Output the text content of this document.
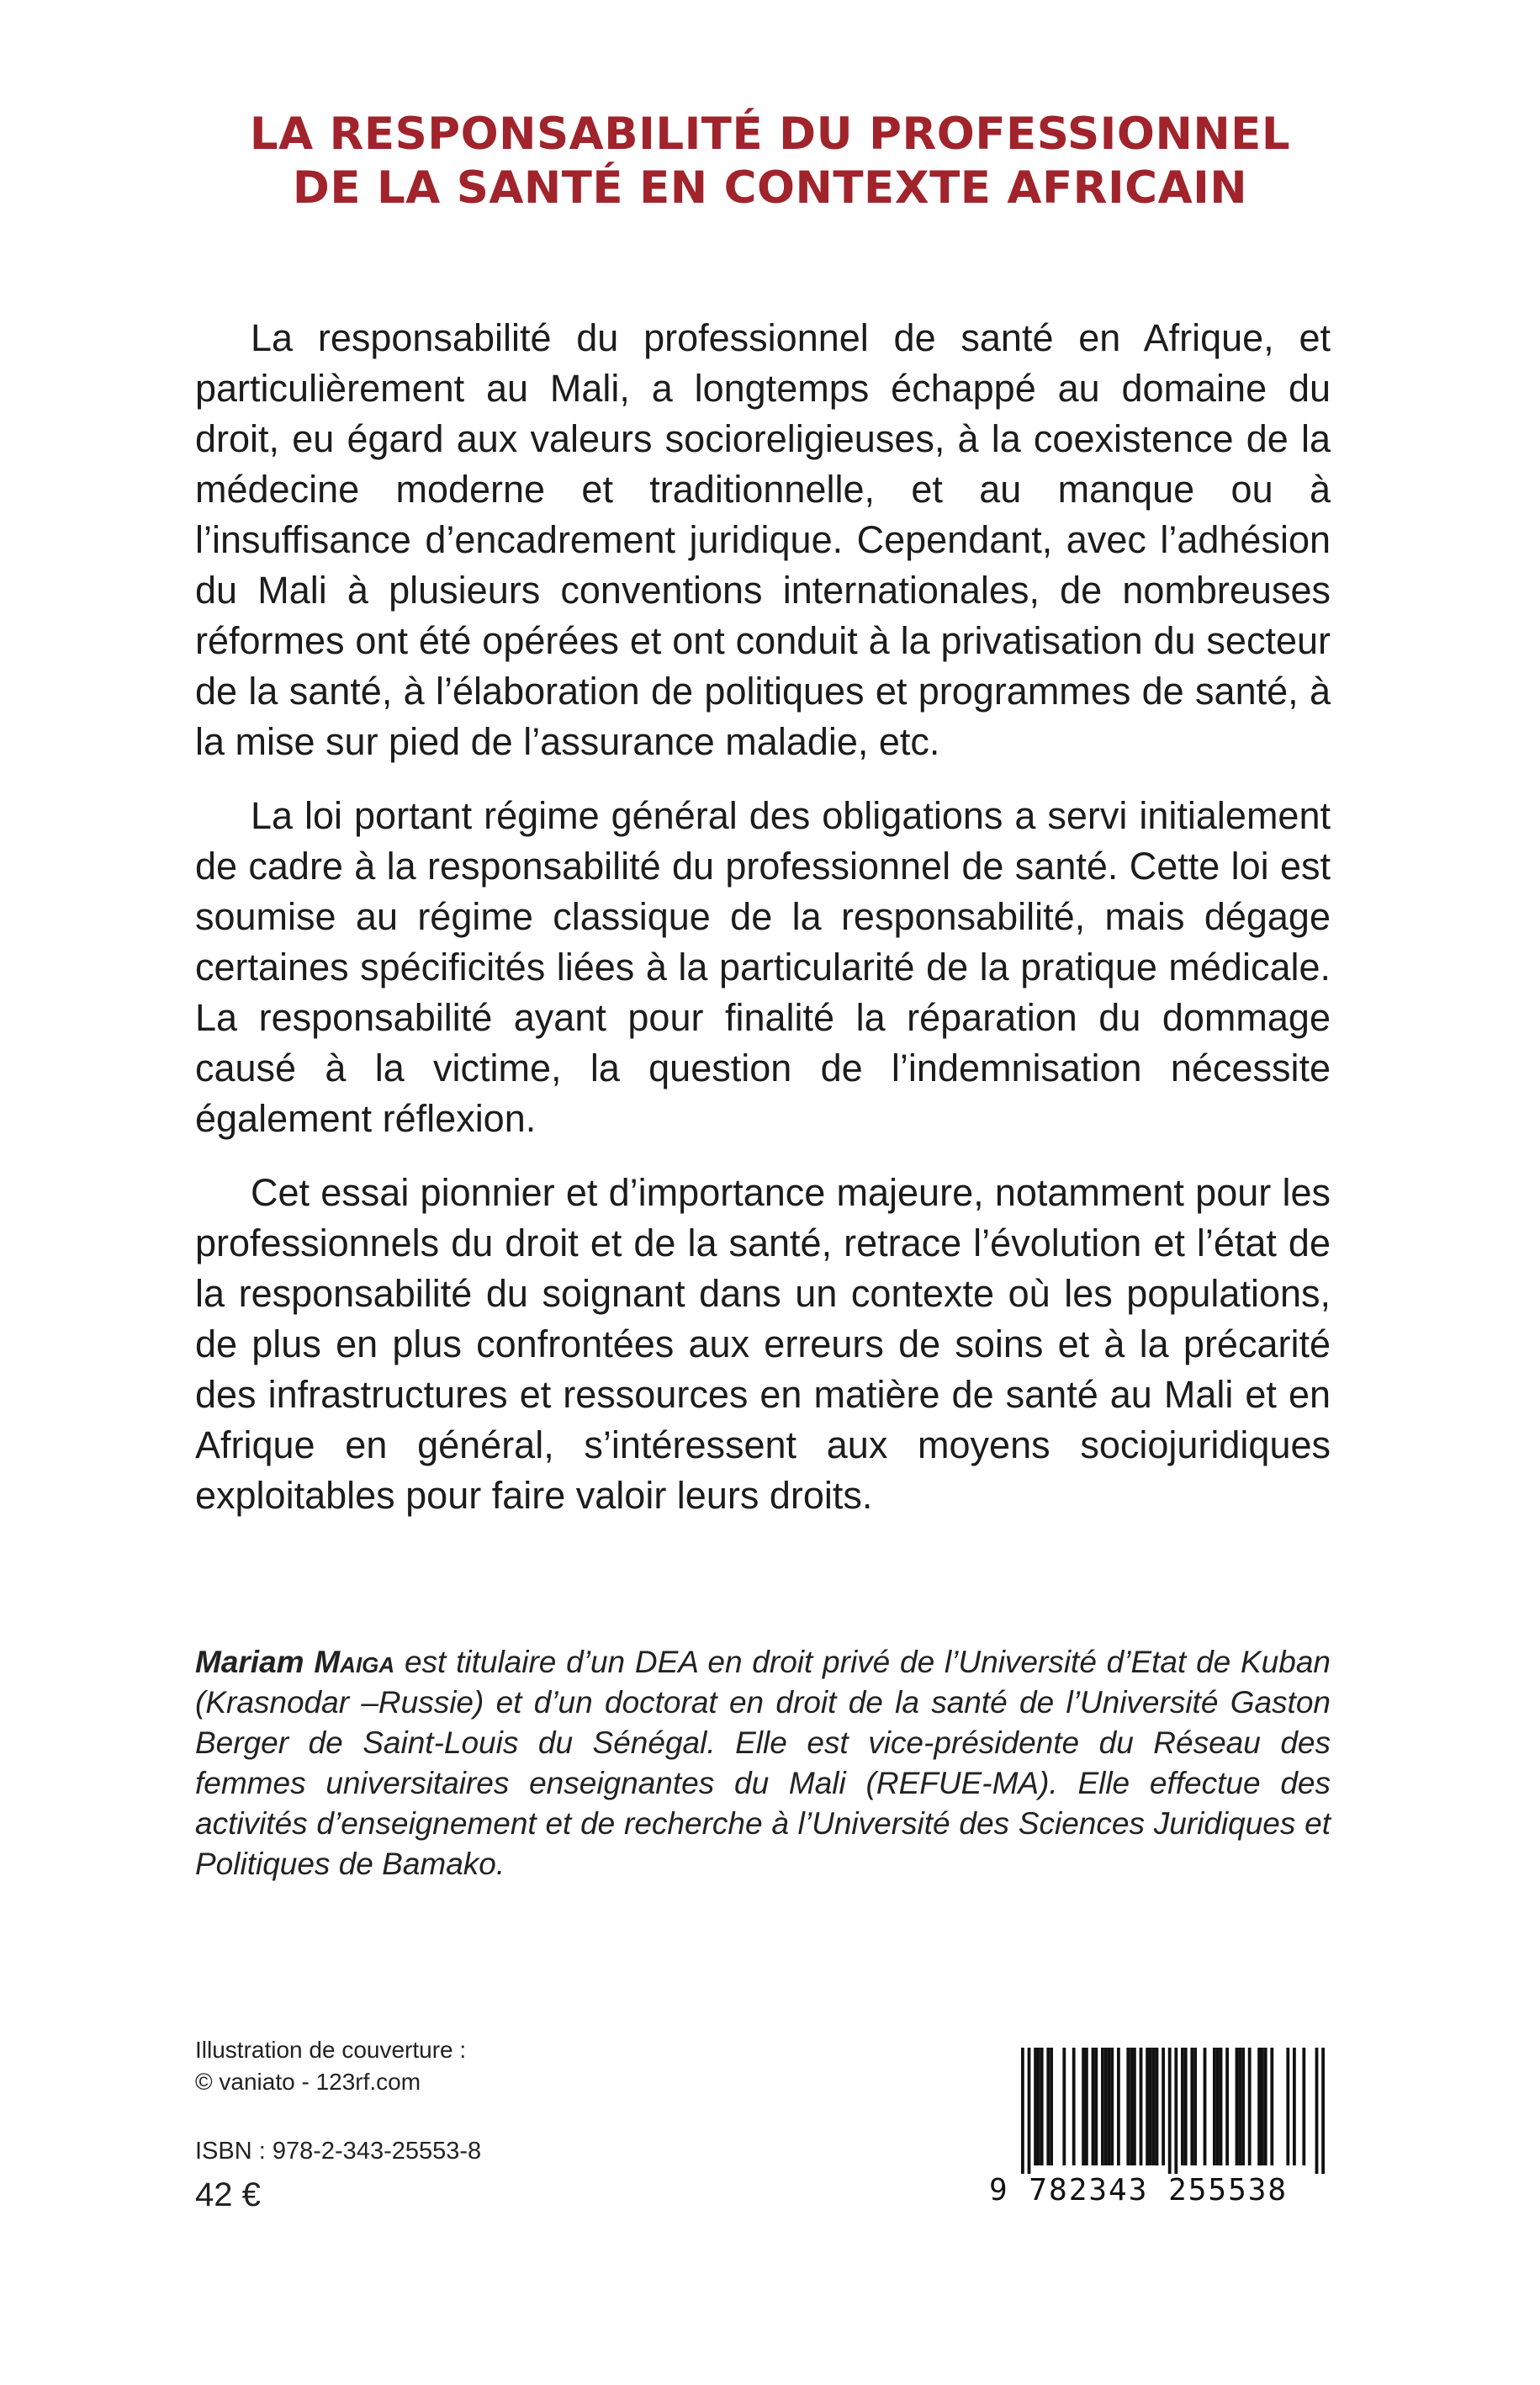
LA RESPONSABILITÉ DU PROFESSIONNEL
DE LA SANTÉ EN CONTEXTE AFRICAIN

La responsabilité du professionnel de santé en Afrique, et particulièrement au Mali, a longtemps échappé au domaine du droit, eu égard aux valeurs socioreligieuses, à la coexistence de la médecine moderne et traditionnelle, et au manque ou à l’insuffisance d’encadrement juridique. Cependant, avec l’adhésion du Mali à plusieurs conventions internationales, de nombreuses réformes ont été opérées et ont conduit à la privatisation du secteur de la santé, à l’élaboration de politiques et programmes de santé, à la mise sur pied de l’assurance maladie, etc.

La loi portant régime général des obligations a servi initialement de cadre à la responsabilité du professionnel de santé. Cette loi est soumise au régime classique de la responsabilité, mais dégage certaines spécificités liées à la particularité de la pratique médicale. La responsabilité ayant pour finalité la réparation du dommage causé à la victime, la question de l’indemnisation nécessite également réflexion.

Cet essai pionnier et d’importance majeure, notamment pour les professionnels du droit et de la santé, retrace l’évolution et l’état de la responsabilité du soignant dans un contexte où les populations, de plus en plus confrontées aux erreurs de soins et à la précarité des infrastructures et ressources en matière de santé au Mali et en Afrique en général, s’intéressent aux moyens sociojuridiques exploitables pour faire valoir leurs droits.

Mariam Maiga est titulaire d’un DEA en droit privé de l’Université d’Etat de Kuban (Krasnodar –Russie) et d’un doctorat en droit de la santé de l’Université Gaston Berger de Saint-Louis du Sénégal. Elle est vice-présidente du Réseau des femmes universitaires enseignantes du Mali (REFUE-MA). Elle effectue des activités d’enseignement et de recherche à l’Université des Sciences Juridiques et Politiques de Bamako.
Illustration de couverture :
© vaniato - 123rf.com
ISBN : 978-2-343-25553-8
42 €	9 782343 255538
